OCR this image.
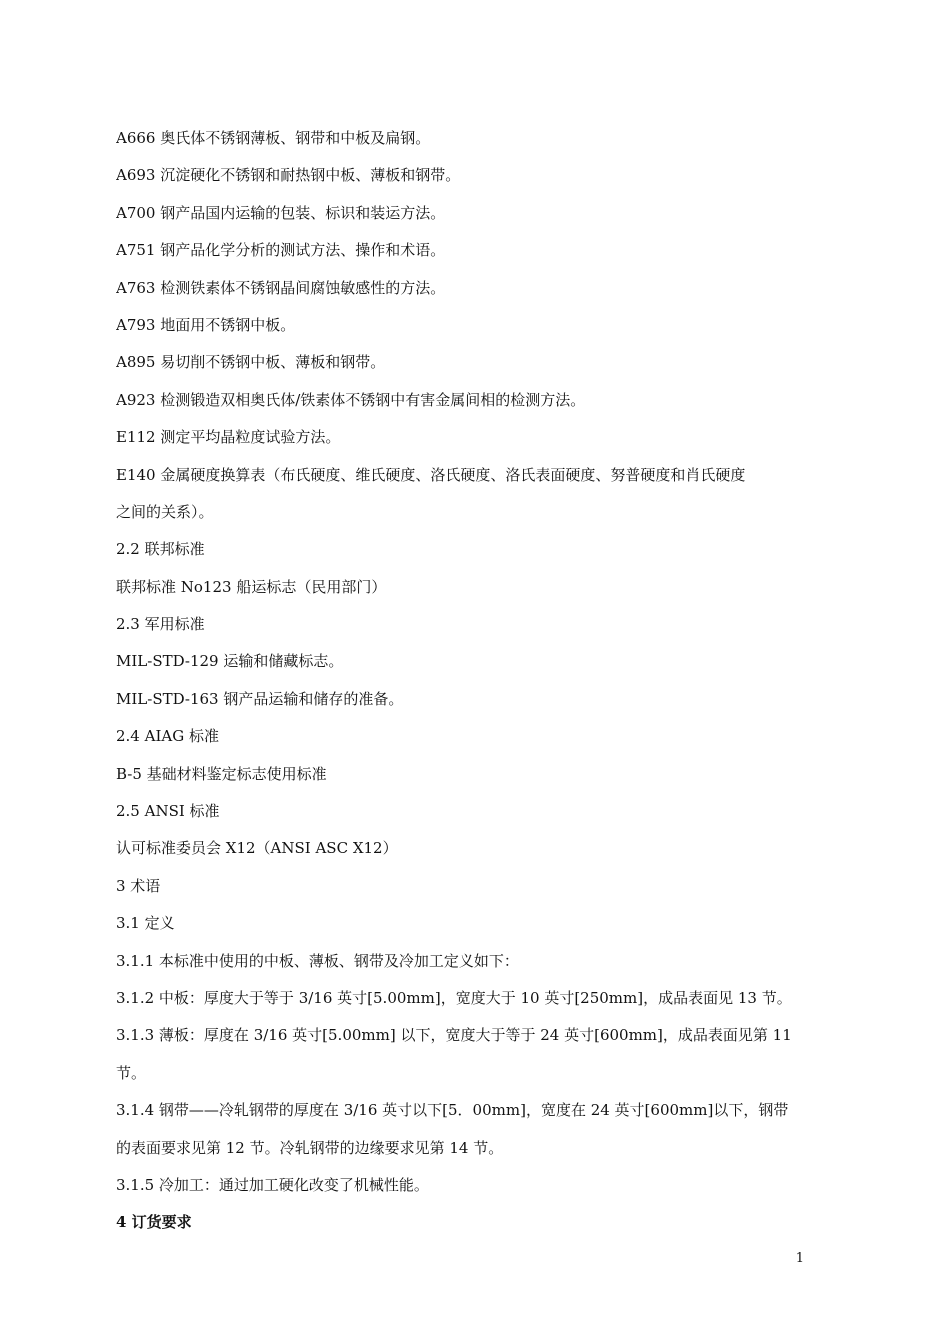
A666 奥氏体不锈钢薄板、钢带和中板及扁钢。
A693 沉淀硬化不锈钢和耐热钢中板、薄板和钢带。
A700 钢产品国内运输的包装、标识和装运方法。
A751 钢产品化学分析的测试方法、操作和术语。
A763 检测铁素体不锈钢晶间腐蚀敏感性的方法。
A793 地面用不锈钢中板。
A895 易切削不锈钢中板、薄板和钢带。
A923 检测锻造双相奥氏体/铁素体不锈钢中有害金属间相的检测方法。
E112 测定平均晶粒度试验方法。
E140 金属硬度换算表（布氏硬度、维氏硬度、洛氏硬度、洛氏表面硬度、努普硬度和肖氏硬度
之间的关系）。
2.2 联邦标准
联邦标准 No123 船运标志（民用部门）
2.3 军用标准
MIL-STD-129 运输和储藏标志。
MIL-STD-163 钢产品运输和储存的准备。
2.4 AIAG 标准
B-5 基础材料鉴定标志使用标准
2.5 ANSI 标准
认可标准委员会 X12（ANSI ASC X12）
3 术语
3.1 定义
3.1.1 本标准中使用的中板、薄板、钢带及冷加工定义如下：
3.1.2 中板：厚度大于等于 3/16 英寸[5.00mm]，宽度大于 10 英寸[250mm]，成品表面见 13 节。
3.1.3 薄板：厚度在 3/16 英寸[5.00mm] 以下，宽度大于等于 24 英寸[600mm]，成品表面见第 11
节。
3.1.4 钢带——冷轧钢带的厚度在 3/16 英寸以下[5．00mm]，宽度在 24 英寸[600mm]以下，钢带
的表面要求见第 12 节。冷轧钢带的边缘要求见第 14 节。
3.1.5 冷加工：通过加工硬化改变了机械性能。
4 订货要求
1
